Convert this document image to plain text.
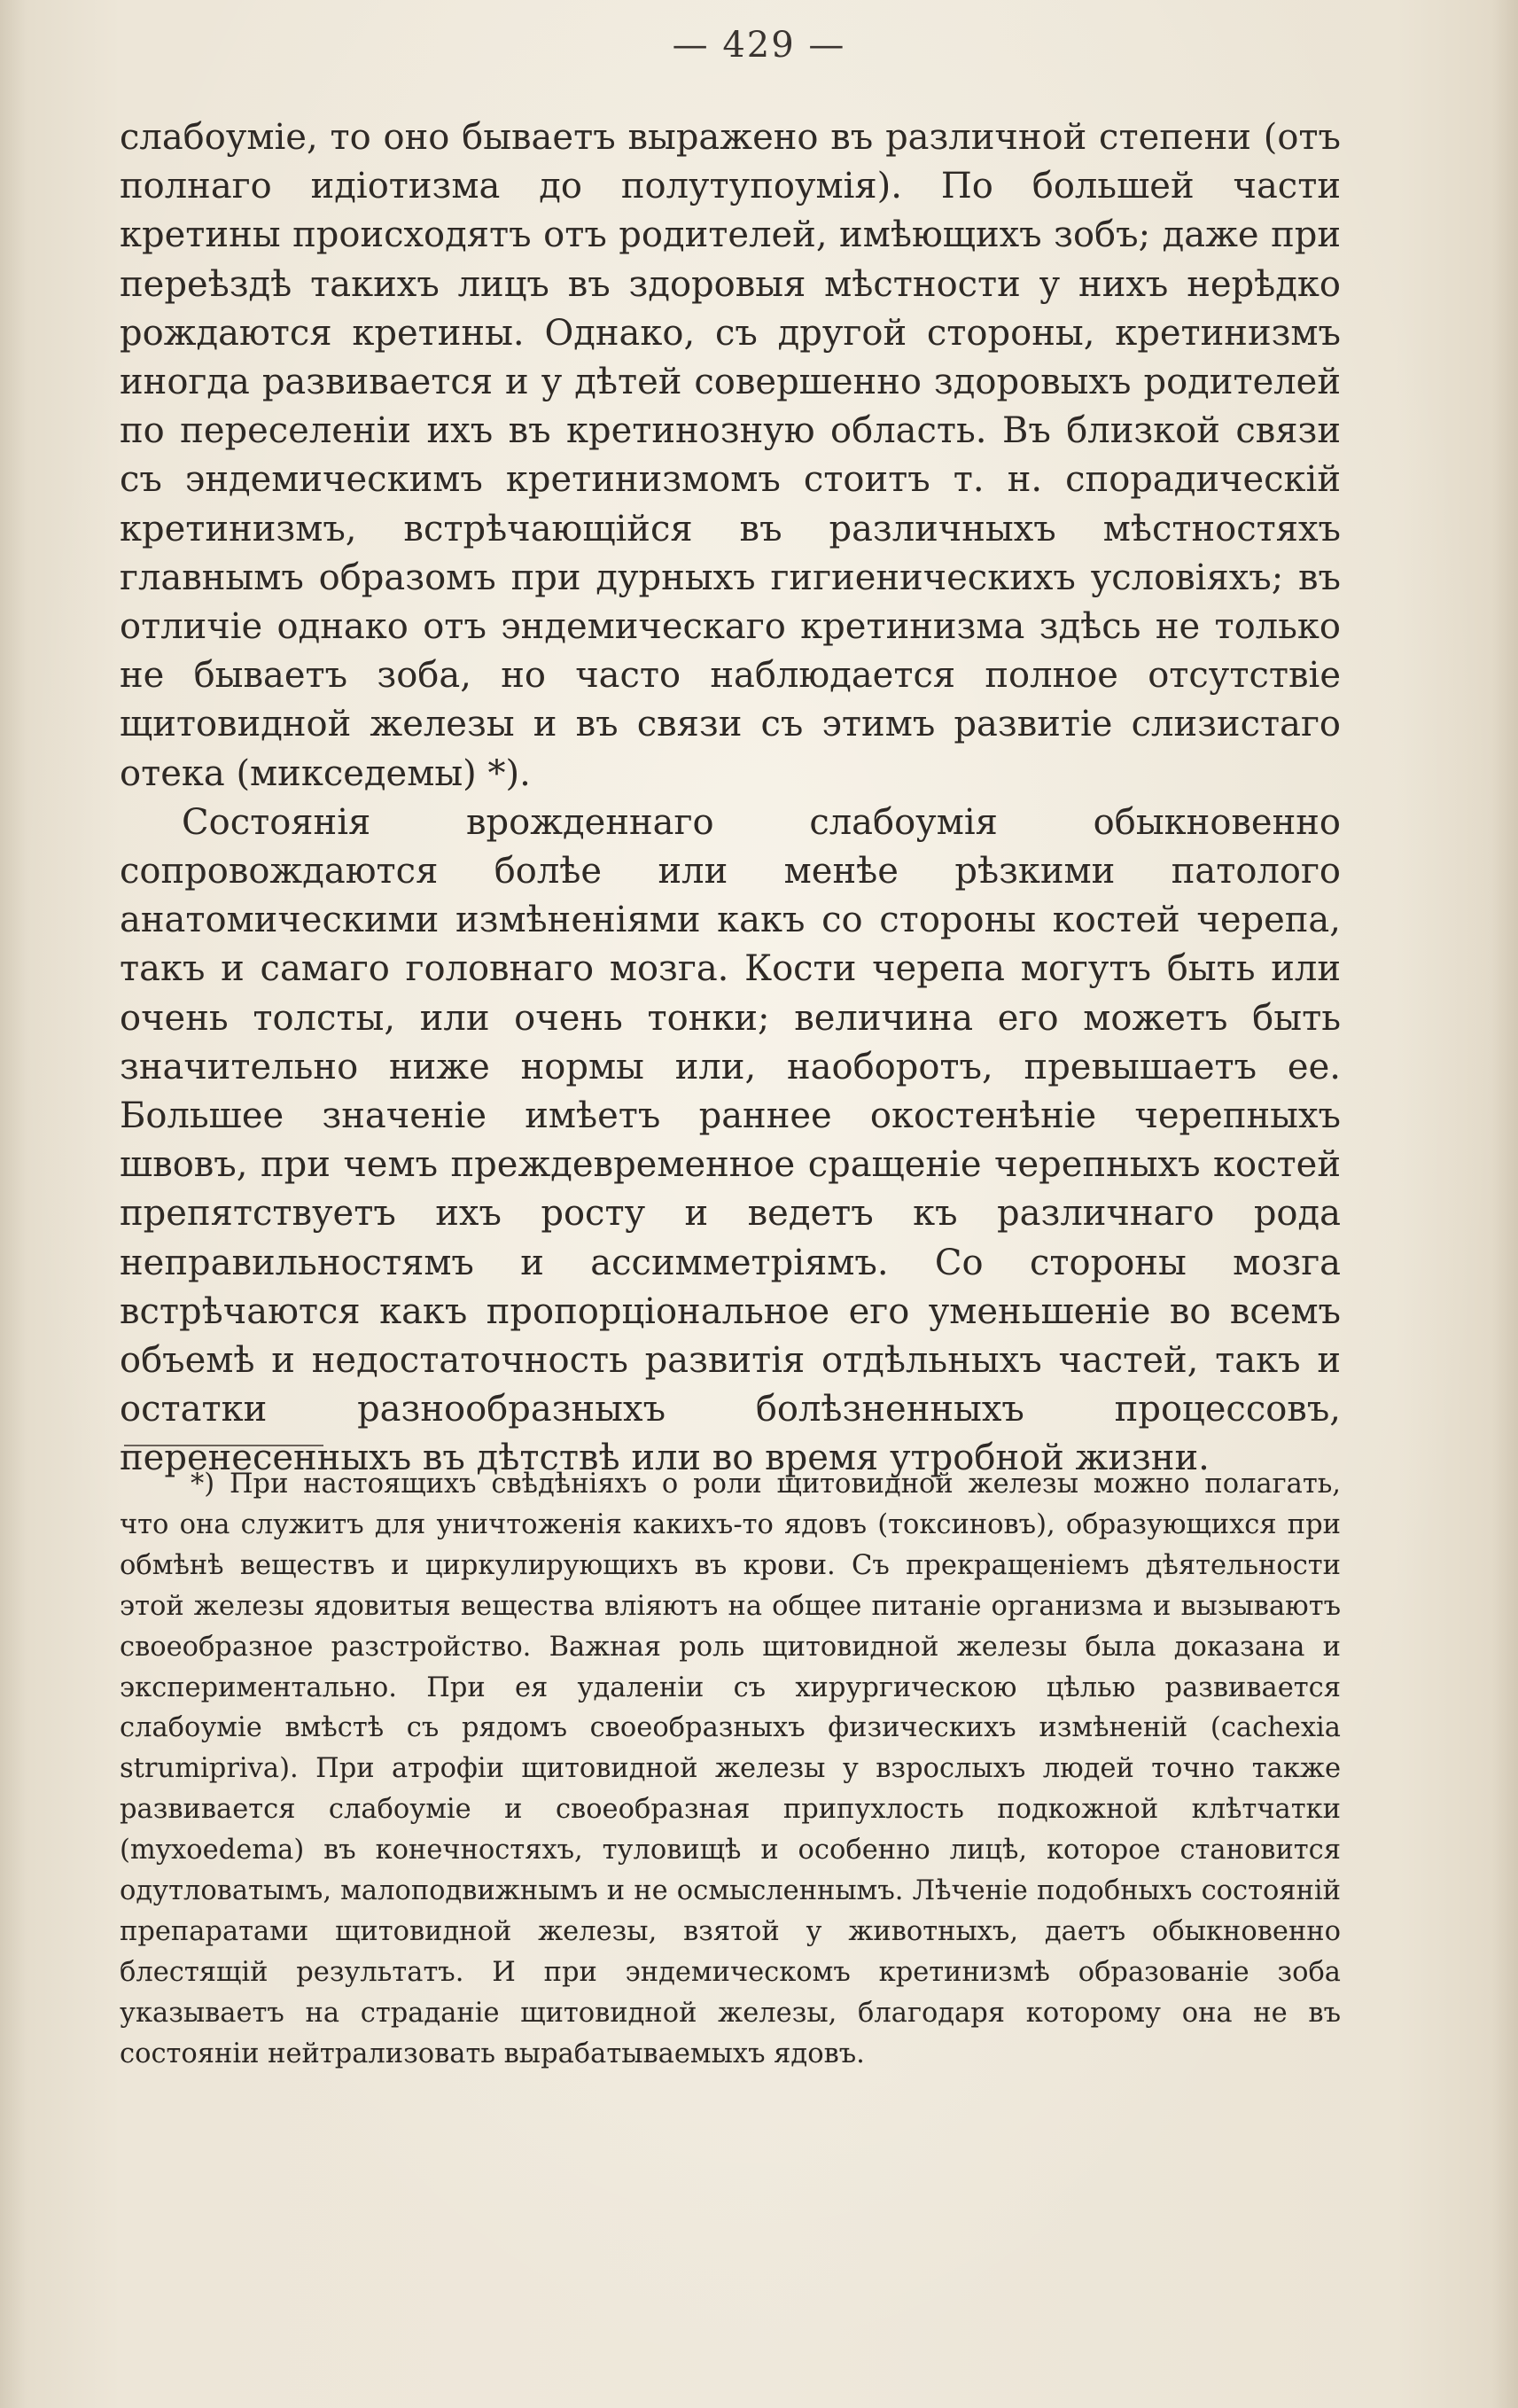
— 429 —

слабоумiе, то оно бываетъ выражено въ различной степени (отъ полнаго идiотизма до полутупоумiя). По большей части кретины происходятъ отъ родителей, имѣющихъ зобъ; даже при переѣздѣ такихъ лицъ въ здоровыя мѣстности у нихъ нерѣдко рождаются кретины. Однако, съ другой стороны, кретинизмъ иногда развивается и у дѣтей совершенно здоровыхъ родителей по переселенiи ихъ въ кретинозную область. Въ близкой связи съ эндемическимъ кретинизмомъ стоитъ т. н. спорадическiй кретинизмъ, встрѣчающiйся въ различныхъ мѣстностяхъ главнымъ образомъ при дурныхъ гигиеническихъ условiяхъ; въ отличiе однако отъ эндемическаго кретинизма здѣсь не только не бываетъ зоба, но часто наблюдается полное отсутствiе щитовидной железы и въ связи съ этимъ развитiе слизистаго отека (микседемы) *).

Состоянiя врожденнаго слабоумiя обыкновенно сопровождаются болѣе или менѣе рѣзкими патолого анатомическими измѣненiями какъ со стороны костей черепа, такъ и самаго головнаго мозга. Кости черепа могутъ быть или очень толсты, или очень тонки; величина его можетъ быть значительно ниже нормы или, наоборотъ, превышаетъ ее. Большее значенiе имѣетъ раннее окостенѣнiе черепныхъ швовъ, при чемъ преждевременное сращенiе черепныхъ костей препятствуетъ ихъ росту и ведетъ къ различнаго рода неправильностямъ и ассимметрiямъ. Со стороны мозга встрѣчаются какъ пропорцiональное его уменьшенiе во всемъ объемѣ и недостаточность развитiя отдѣльныхъ частей, такъ и остатки разнообразныхъ болѣзненныхъ процессовъ, перенесенныхъ въ дѣтствѣ или во время утробной жизни.

*) При настоящихъ свѣдѣнiяхъ о роли щитовидной железы можно полагать, что она служитъ для уничтоженiя какихъ-то ядовъ (токсиновъ), образующихся при обмѣнѣ веществъ и циркулирующихъ въ крови. Съ прекращенiемъ дѣятельности этой железы ядовитыя вещества влiяютъ на общее питанiе организма и вызываютъ своеобразное разстройство. Важная роль щитовидной железы была доказана и экспериментально. При ея удаленiи съ хирургическою цѣлью развивается слабоумiе вмѣстѣ съ рядомъ своеобразныхъ физическихъ измѣненiй (cachexia strumipriva). При атрофiи щитовидной железы у взрослыхъ людей точно также развивается слабоумiе и своеобразная припухлость подкожной клѣтчатки (myxoedema) въ конечностяхъ, туловищѣ и особенно лицѣ, которое становится одутловатымъ, малоподвижнымъ и не осмысленнымъ. Лѣченiе подобныхъ состоянiй препаратами щитовидной железы, взятой у животныхъ, даетъ обыкновенно блестящiй результатъ. И при эндемическомъ кретинизмѣ образованiе зоба указываетъ на страданiе щитовидной железы, благодаря которому она не въ состоянiи нейтрализовать вырабатываемыхъ ядовъ.
